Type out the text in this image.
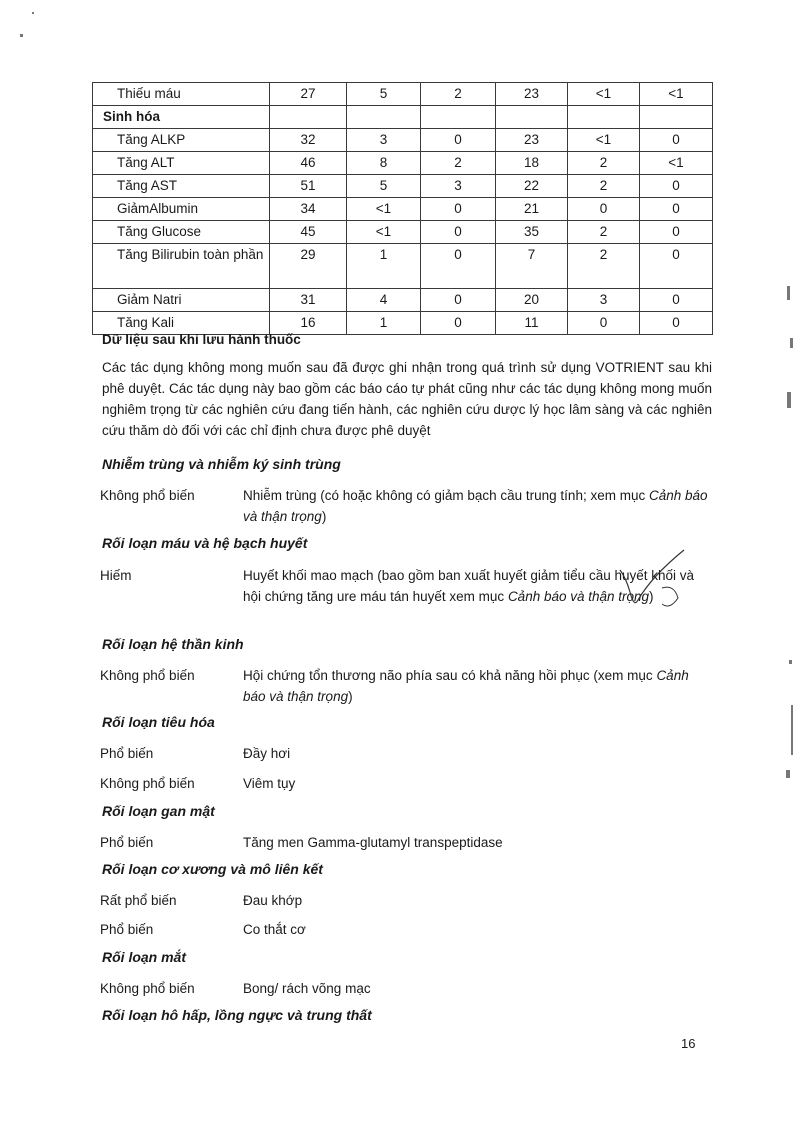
Thiếu máu	27	5	2	23	<1	<1
Sinh hóa						
Tăng ALKP	32	3	0	23	<1	0
Tăng ALT	46	8	2	18	2	<1
Tăng AST	51	5	3	22	2	0
GiảmAlbumin	34	<1	0	21	0	0
Tăng Glucose	45	<1	0	35	2	0
Tăng Bilirubin toàn phần	29	1	0	7	2	0
Giảm Natri	31	4	0	20	3	0
Tăng Kali	16	1	0	11	0	0
Dữ liệu sau khi lưu hành thuốc
Các tác dụng không mong muốn sau đã được ghi nhận trong quá trình sử dụng VOTRIENT sau khi phê duyệt. Các tác dụng này bao gồm các báo cáo tự phát cũng như các tác dụng không mong muốn nghiêm trọng từ các nghiên cứu đang tiến hành, các nghiên cứu dược lý học lâm sàng và các nghiên cứu thăm dò đối với các chỉ định chưa được phê duyệt
Nhiễm trùng và nhiễm ký sinh trùng
Không phổ biến	Nhiễm trùng (có hoặc không có giảm bạch cầu trung tính; xem mục Cảnh báo và thận trọng)
Rối loạn máu và hệ bạch huyết
Hiếm	Huyết khối mao mạch (bao gồm ban xuất huyết giảm tiểu cầu huyết khối và hội chứng tăng ure máu tán huyết xem mục Cảnh báo và thận trọng)
Rối loạn hệ thần kinh
Không phổ biến	Hội chứng tổn thương não phía sau có khả năng hồi phục (xem mục Cảnh báo và thận trọng)
Rối loạn tiêu hóa
Phổ biến	Đầy hơi
Không phổ biến	Viêm tụy
Rối loạn gan mật
Phổ biến	Tăng men Gamma-glutamyl transpeptidase
Rối loạn cơ xương và mô liên kết
Rất phổ biến	Đau khớp
Phổ biến	Co thắt cơ
Rối loạn mắt
Không phổ biến	Bong/ rách võng mạc
Rối loạn hô hấp, lồng ngực và trung thất
16
